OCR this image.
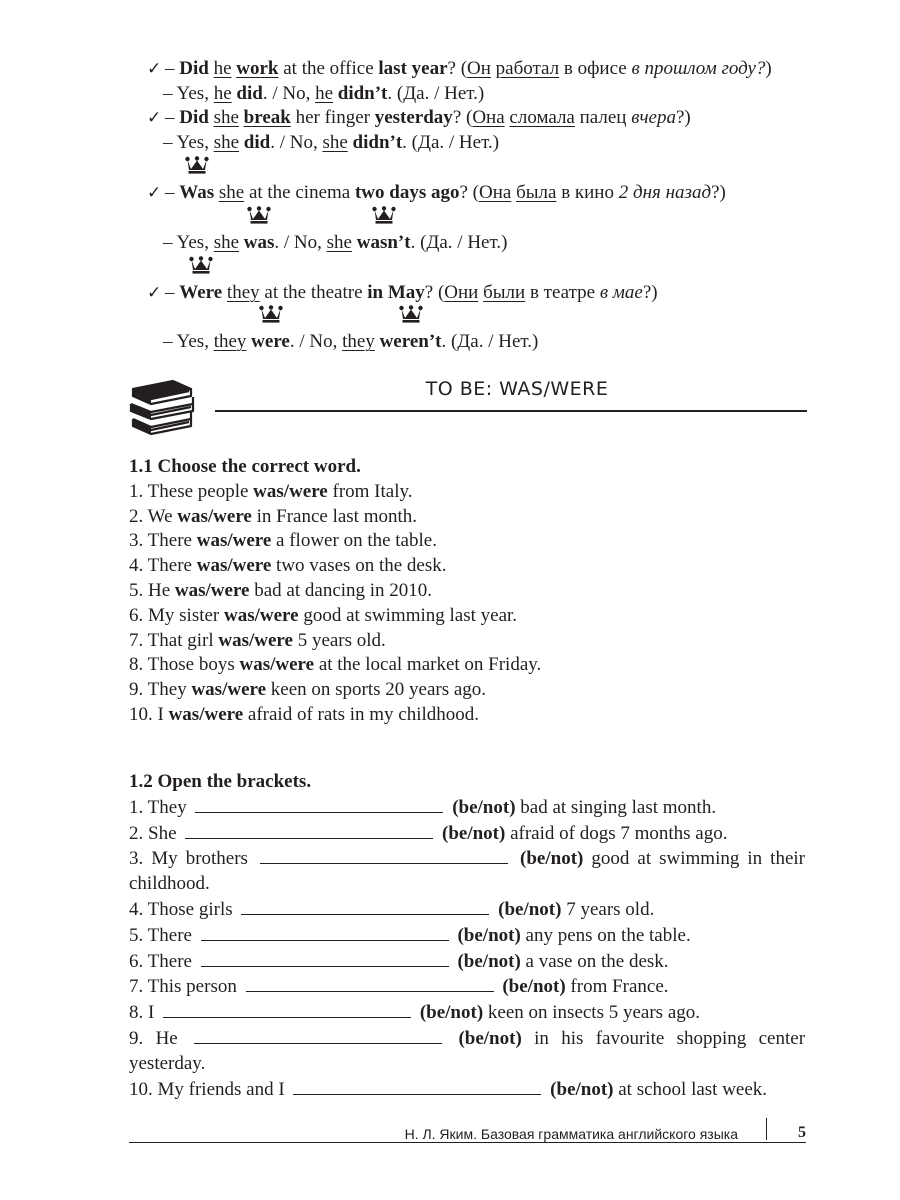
✓ – Did he work at the office last year? (Он работал в офисе в прошлом году?)
– Yes, he did. / No, he didn’t. (Да. / Нет.)
✓ – Did she break her finger yesterday? (Она сломала палец вчера?)
– Yes, she did. / No, she didn’t. (Да. / Нет.)
✓ –
Was she at the cinema two days ago? (Она была в кино 2 дня назад?)
– Yes, she was. / No, she wasn’t. (Да. / Нет.)
✓ –
Were they at the theatre in May? (Они были в театре в мае?)
– Yes, they were. / No, they weren’t. (Да. / Нет.)
TO BE: WAS/WERE
1.1 Choose the correct word.
1. These people was/were from Italy.
2. We was/were in France last month.
3. There was/were a flower on the table.
4. There was/were two vases on the desk.
5. He was/were bad at dancing in 2010.
6. My sister was/were good at swimming last year.
7. That girl was/were 5 years old.
8. Those boys was/were at the local market on Friday.
9. They was/were keen on sports 20 years ago.
10. I was/were afraid of rats in my childhood.
1.2 Open the brackets.
1. They	(be/not) bad at singing last month.
2. She	(be/not) afraid of dogs 7 months ago.
3. My brothers	(be/not) good at swimming in their childhood.
4. Those girls	(be/not) 7 years old.
5. There	(be/not) any pens on the table.
6. There	(be/not) a vase on the desk.
7. This person	(be/not) from France.
8. I	(be/not) keen on insects 5 years ago.
9. He	(be/not) in his favourite shopping center yesterday.
10. My friends and I	(be/not) at school last week.
Н. Л. Яким. Базовая грамматика английского языка	5
